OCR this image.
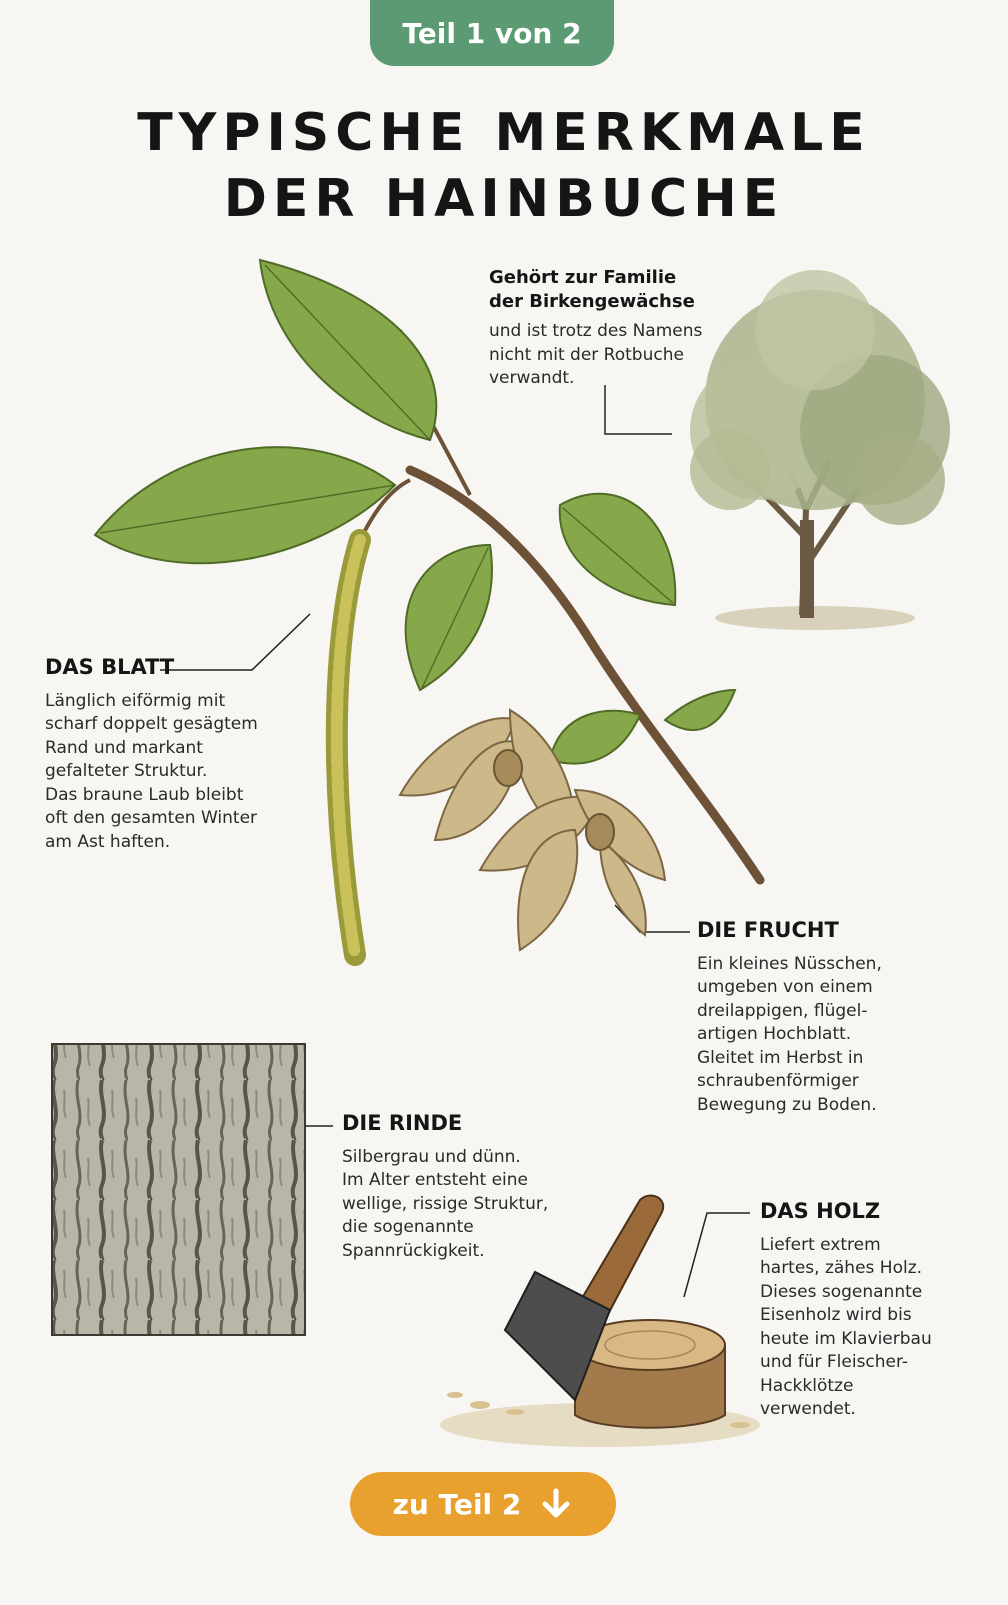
Teil 1 von 2
TYPISCHE MERKMALE
DER HAINBUCHE
Gehört zur Familie
der Birkengewächse
und ist trotz des Namens
nicht mit der Rotbuche
verwandt.
DAS BLATT
Länglich eiförmig mit
scharf doppelt gesägtem
Rand und markant
gefalteter Struktur.
Das braune Laub bleibt
oft den gesamten Winter
am Ast haften.
DIE FRUCHT
Ein kleines Nüsschen,
umgeben von einem
dreilappigen, flügel-
artigen Hochblatt.
Gleitet im Herbst in
schraubenförmiger
Bewegung zu Boden.
DIE RINDE
Silbergrau und dünn.
Im Alter entsteht eine
wellige, rissige Struktur,
die sogenannte
Spannrückigkeit.
DAS HOLZ
Liefert extrem
hartes, zähes Holz.
Dieses sogenannte
Eisenholz wird bis
heute im Klavierbau
und für Fleischer-
Hackklötze
verwendet.
zu Teil 2
